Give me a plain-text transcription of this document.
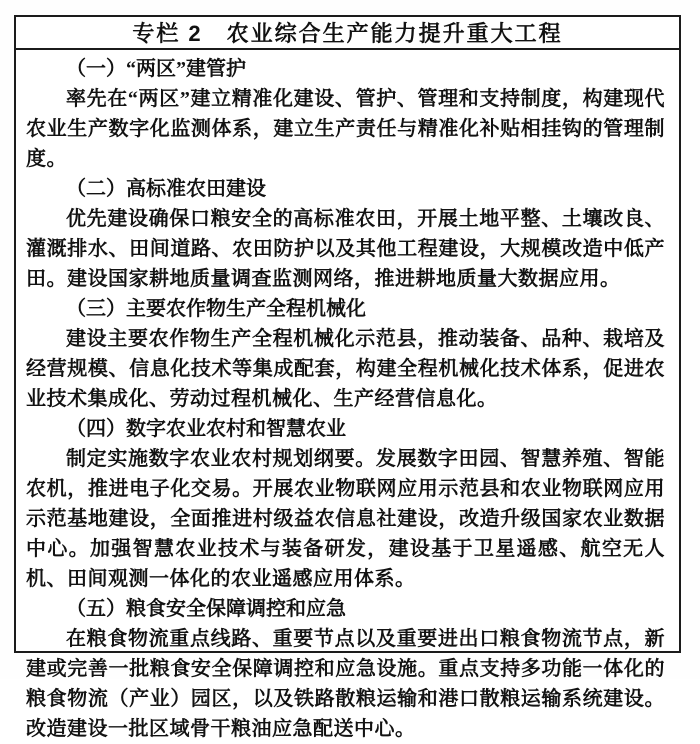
专栏 2　农业综合生产能力提升重大工程
（一）“两区”建管护

率先在“两区”建立精准化建设、管护、管理和支持制度，构建现代农业生产数字化监测体系，建立生产责任与精准化补贴相挂钩的管理制度。

（二）高标准农田建设

优先建设确保口粮安全的高标准农田，开展土地平整、土壤改良、灌溉排水、田间道路、农田防护以及其他工程建设，大规模改造中低产田。建设国家耕地质量调查监测网络，推进耕地质量大数据应用。

（三）主要农作物生产全程机械化

建设主要农作物生产全程机械化示范县，推动装备、品种、栽培及经营规模、信息化技术等集成配套，构建全程机械化技术体系，促进农业技术集成化、劳动过程机械化、生产经营信息化。

（四）数字农业农村和智慧农业

制定实施数字农业农村规划纲要。发展数字田园、智慧养殖、智能农机，推进电子化交易。开展农业物联网应用示范县和农业物联网应用示范基地建设，全面推进村级益农信息社建设，改造升级国家农业数据中心。加强智慧农业技术与装备研发，建设基于卫星遥感、航空无人机、田间观测一体化的农业遥感应用体系。

（五）粮食安全保障调控和应急

在粮食物流重点线路、重要节点以及重要进出口粮食物流节点，新建或完善一批粮食安全保障调控和应急设施。重点支持多功能一体化的粮食物流（产业）园区，以及铁路散粮运输和港口散粮运输系统建设。改造建设一批区域骨干粮油应急配送中心。
